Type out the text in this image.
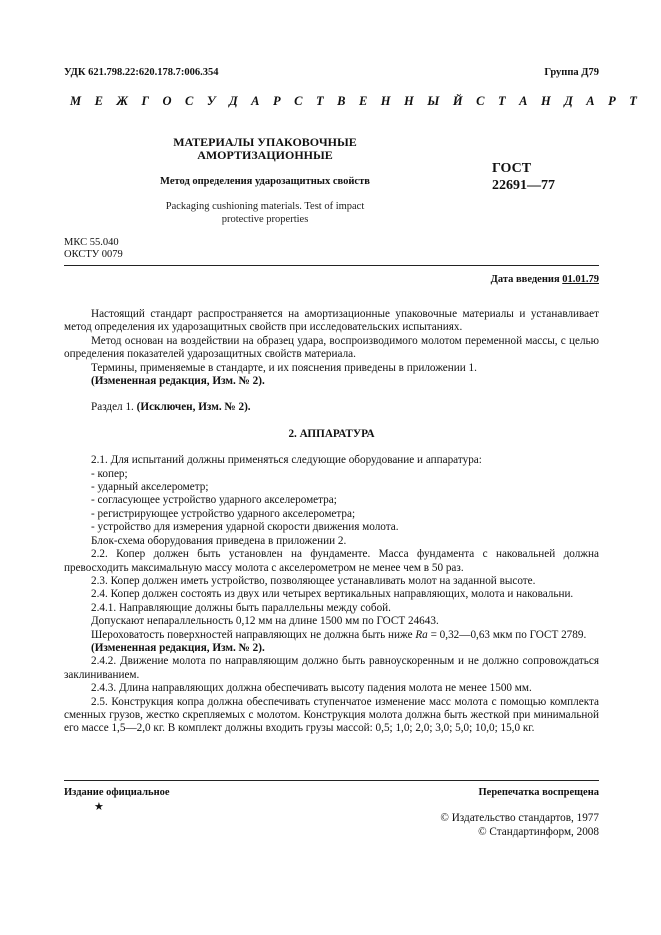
УДК 621.798.22:620.178.7:006.354	Группа Д79
М Е Ж Г О С У Д А Р С Т В Е Н Н Ы Й С Т А Н Д А Р Т
МАТЕРИАЛЫ УПАКОВОЧНЫЕ
АМОРТИЗАЦИОННЫЕ
Метод определения ударозащитных свойств
Packaging cushioning materials. Test of impact
protective properties
ГОСТ
22691—77
МКС 55.040
ОКСТУ 0079
Дата введения 01.01.79

Настоящий стандарт распространяется на амортизационные упаковочные материалы и устанавливает метод определения их ударозащитных свойств при исследовательских испытаниях.

Метод основан на воздействии на образец удара, воспроизводимого молотом переменной массы, с целью определения показателей ударозащитных свойств материала.

Термины, применяемые в стандарте, и их пояснения приведены в приложении 1.

(Измененная редакция, Изм. № 2).

Раздел 1. (Исключен, Изм. № 2).

2. АППАРАТУРА

2.1. Для испытаний должны применяться следующие оборудование и аппаратура:

- копер;

- ударный акселерометр;

- согласующее устройство ударного акселерометра;

- регистрирующее устройство ударного акселерометра;

- устройство для измерения ударной скорости движения молота.

Блок-схема оборудования приведена в приложении 2.

2.2. Копер должен быть установлен на фундаменте. Масса фундамента с наковальней должна превосходить максимальную массу молота с акселерометром не менее чем в 50 раз.

2.3. Копер должен иметь устройство, позволяющее устанавливать молот на заданной высоте.

2.4. Копер должен состоять из двух или четырех вертикальных направляющих, молота и наковальни.

2.4.1. Направляющие должны быть параллельны между собой.

Допускают непараллельность 0,12 мм на длине 1500 мм по ГОСТ 24643.

Шероховатость поверхностей направляющих не должна быть ниже Ra = 0,32—0,63 мкм по ГОСТ 2789.

(Измененная редакция, Изм. № 2).

2.4.2. Движение молота по направляющим должно быть равноускоренным и не должно сопровождаться заклиниванием.

2.4.3. Длина направляющих должна обеспечивать высоту падения молота не менее 1500 мм.

2.5. Конструкция копра должна обеспечивать ступенчатое изменение масс молота с помощью комплекта сменных грузов, жестко скрепляемых с молотом. Конструкция молота должна быть жесткой при минимальной его массе 1,5—2,0 кг. В комплект должны входить грузы массой: 0,5; 1,0; 2,0; 3,0; 5,0; 10,0; 15,0 кг.

Издание официальное
★
Перепечатка воспрещена
© Издательство стандартов, 1977
© Стандартинформ, 2008
